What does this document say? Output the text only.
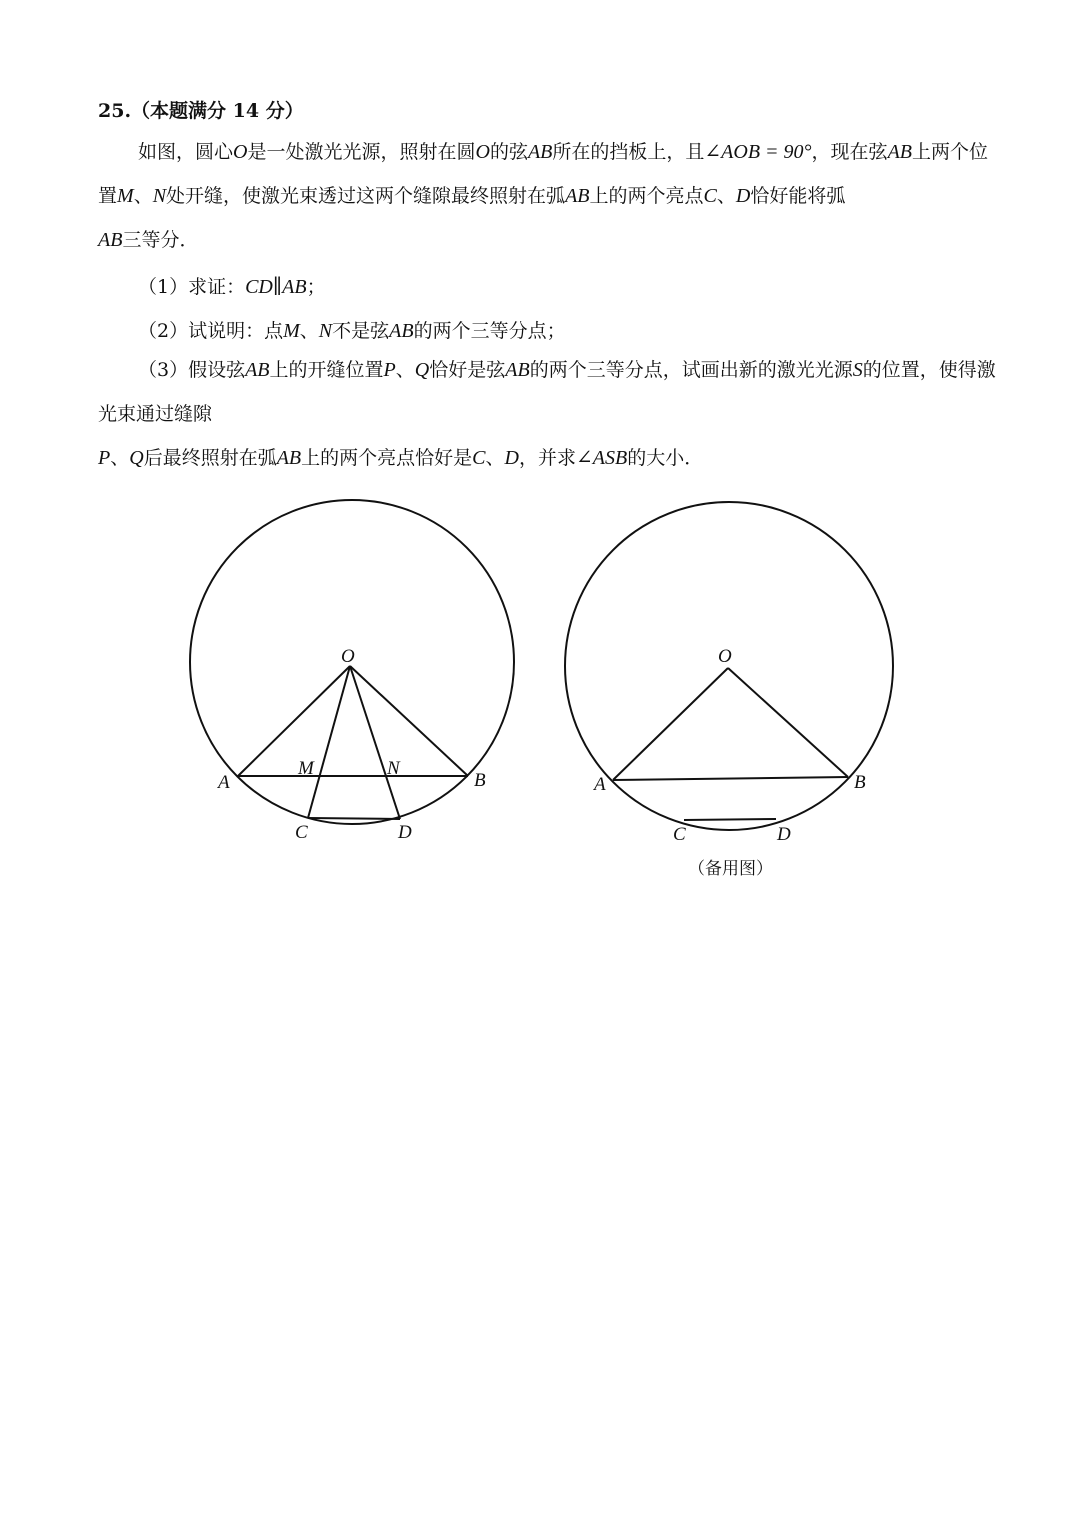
25.（本题满分 14 分）
如图，圆心O是一处激光光源，照射在圆O的弦AB所在的挡板上，且∠AOB = 90°，现在弦AB上两个位置M、N处开缝，使激光束透过这两个缝隙最终照射在弧AB上的两个亮点C、D恰好能将弧
AB三等分．
（1）求证：CD∥AB；
（2）试说明：点M、N不是弦AB的两个三等分点；
（3）假设弦AB上的开缝位置P、Q恰好是弦AB的两个三等分点，试画出新的激光光源S的位置，使得激光束通过缝隙
P、Q后最终照射在弧AB上的两个亮点恰好是C、D，并求∠ASB的大小．
O
A	B
M	N
C	D
O
A	B
C	D
（备用图）
